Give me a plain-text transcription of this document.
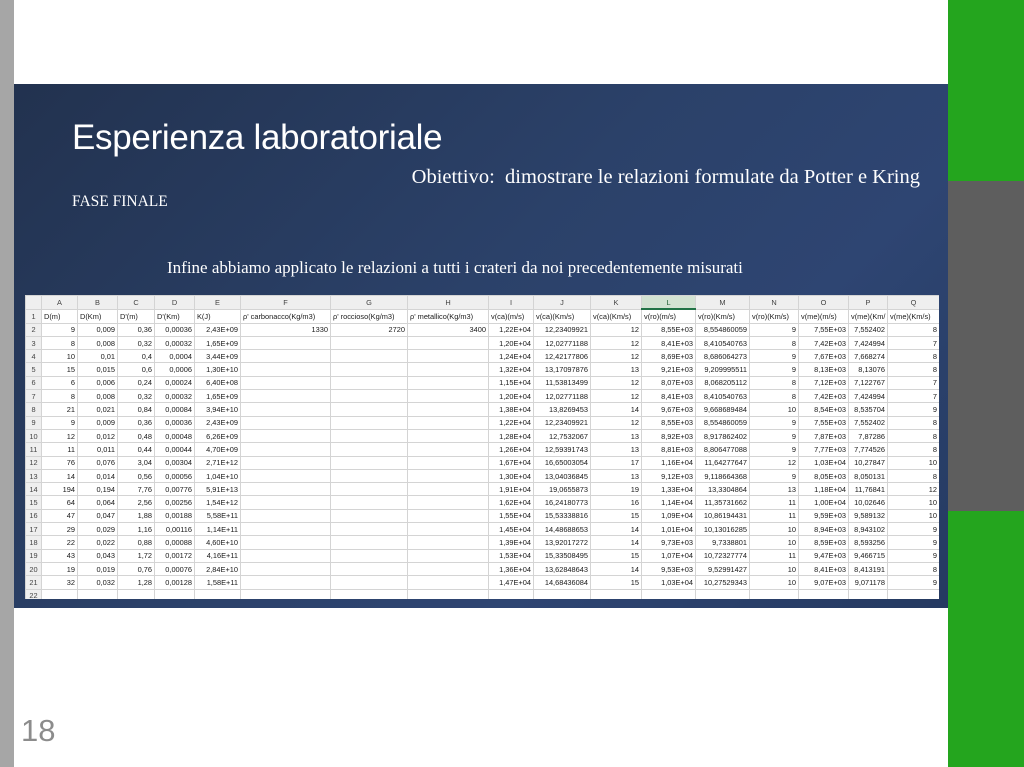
Esperienza laboratoriale
Obiettivo:  dimostrare le relazioni formulate da Potter e Kring
FASE FINALE
Infine abbiamo applicato le relazioni a tutti i crateri da noi precedentemente misurati
	A	B	C	D	E	F	G	H	I	J	K	L	M	N	O	P	Q
1	D(m)	D(Km)	D'(m)	D'(Km)	K(J)	ρ' carbonacco(Kg/m3)	ρ' roccioso(Kg/m3)	ρ' metallico(Kg/m3)	v(ca)(m/s)	v(ca)(Km/s)	v(ca)(Km/s)	v(ro)(m/s)	v(ro)(Km/s)	v(ro)(Km/s)	v(me)(m/s)	v(me)(Km/	v(me)(Km/s)
2	9	0,009	0,36	0,00036	2,43E+09	1330	2720	3400	1,22E+04	12,23409921	12	8,55E+03	8,554860059	9	7,55E+03	7,552402	8
3	8	0,008	0,32	0,00032	1,65E+09				1,20E+04	12,02771188	12	8,41E+03	8,410540763	8	7,42E+03	7,424994	7
4	10	0,01	0,4	0,0004	3,44E+09				1,24E+04	12,42177806	12	8,69E+03	8,686064273	9	7,67E+03	7,668274	8
5	15	0,015	0,6	0,0006	1,30E+10				1,32E+04	13,17097876	13	9,21E+03	9,209995511	9	8,13E+03	8,13076	8
6	6	0,006	0,24	0,00024	6,40E+08				1,15E+04	11,53813499	12	8,07E+03	8,068205112	8	7,12E+03	7,122767	7
7	8	0,008	0,32	0,00032	1,65E+09				1,20E+04	12,02771188	12	8,41E+03	8,410540763	8	7,42E+03	7,424994	7
8	21	0,021	0,84	0,00084	3,94E+10				1,38E+04	13,8269453	14	9,67E+03	9,668689484	10	8,54E+03	8,535704	9
9	9	0,009	0,36	0,00036	2,43E+09				1,22E+04	12,23409921	12	8,55E+03	8,554860059	9	7,55E+03	7,552402	8
10	12	0,012	0,48	0,00048	6,26E+09				1,28E+04	12,7532067	13	8,92E+03	8,917862402	9	7,87E+03	7,87286	8
11	11	0,011	0,44	0,00044	4,70E+09				1,26E+04	12,59391743	13	8,81E+03	8,806477088	9	7,77E+03	7,774526	8
12	76	0,076	3,04	0,00304	2,71E+12				1,67E+04	16,65003054	17	1,16E+04	11,64277647	12	1,03E+04	10,27847	10
13	14	0,014	0,56	0,00056	1,04E+10				1,30E+04	13,04036845	13	9,12E+03	9,118664368	9	8,05E+03	8,050131	8
14	194	0,194	7,76	0,00776	5,91E+13				1,91E+04	19,0655873	19	1,33E+04	13,3304864	13	1,18E+04	11,76841	12
15	64	0,064	2,56	0,00256	1,54E+12				1,62E+04	16,24180773	16	1,14E+04	11,35731662	11	1,00E+04	10,02646	10
16	47	0,047	1,88	0,00188	5,58E+11				1,55E+04	15,53338816	15	1,09E+04	10,86194431	11	9,59E+03	9,589132	10
17	29	0,029	1,16	0,00116	1,14E+11				1,45E+04	14,48688653	14	1,01E+04	10,13016285	10	8,94E+03	8,943102	9
18	22	0,022	0,88	0,00088	4,60E+10				1,39E+04	13,92017272	14	9,73E+03	9,7338801	10	8,59E+03	8,593256	9
19	43	0,043	1,72	0,00172	4,16E+11				1,53E+04	15,33508495	15	1,07E+04	10,72327774	11	9,47E+03	9,466715	9
20	19	0,019	0,76	0,00076	2,84E+10				1,36E+04	13,62848643	14	9,53E+03	9,52991427	10	8,41E+03	8,413191	8
21	32	0,032	1,28	0,00128	1,58E+11				1,47E+04	14,68436084	15	1,03E+04	10,27529343	10	9,07E+03	9,071178	9
22																	
18
